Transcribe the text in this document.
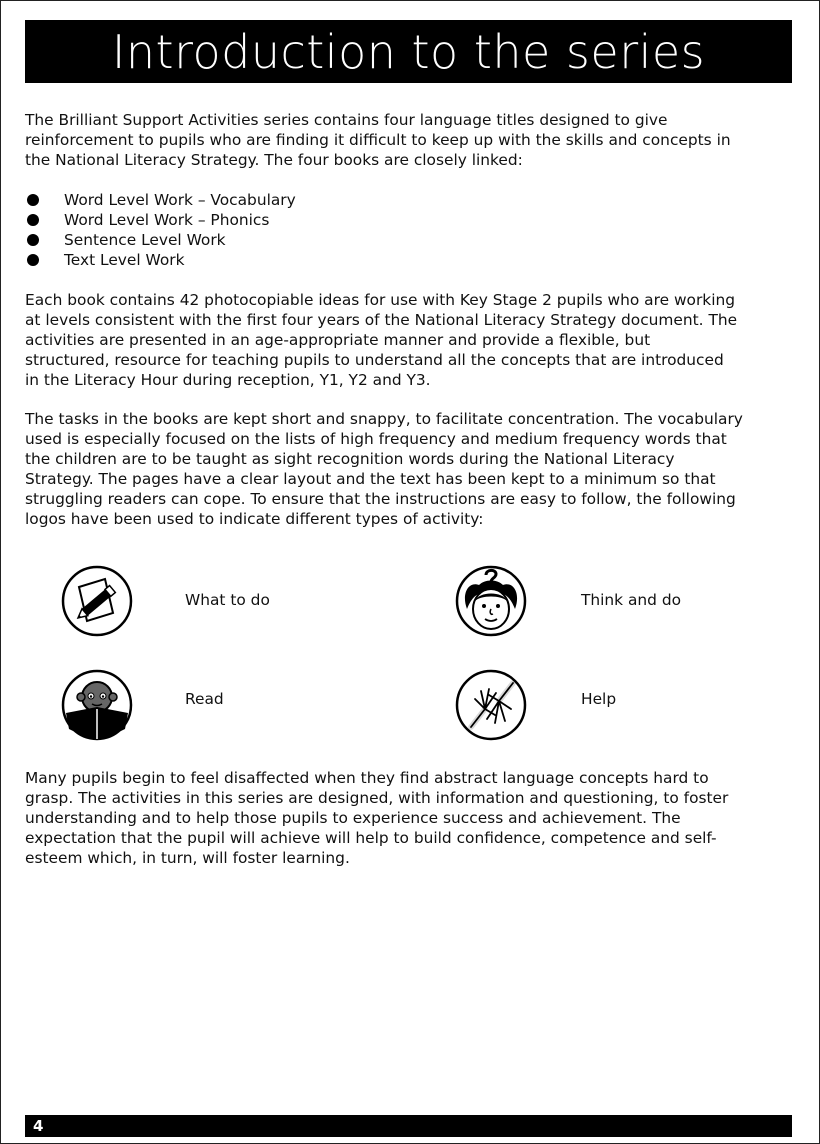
Introduction to the series

The Brilliant Support Activities series contains four language titles designed to give
reinforcement to pupils who are finding it difficult to keep up with the skills and concepts in
the National Literacy Strategy. The four books are closely linked:

Word Level Work – Vocabulary
Word Level Work – Phonics
Sentence Level Work
Text Level Work

Each book contains 42 photocopiable ideas for use with Key Stage 2 pupils who are working
at levels consistent with the first four years of the National Literacy Strategy document. The
activities are presented in an age-appropriate manner and provide a flexible, but
structured, resource for teaching pupils to understand all the concepts that are introduced
in the Literacy Hour during reception, Y1, Y2 and Y3.

The tasks in the books are kept short and snappy, to facilitate concentration. The vocabulary
used is especially focused on the lists of high frequency and medium frequency words that
the children are to be taught as sight recognition words during the National Literacy
Strategy. The pages have a clear layout and the text has been kept to a minimum so that
struggling readers can cope. To ensure that the instructions are easy to follow, the following
logos have been used to indicate different types of activity:

What to do	Think and do
Read	Help

Many pupils begin to feel disaffected when they find abstract language concepts hard to
grasp. The activities in this series are designed, with information and questioning, to foster
understanding and to help those pupils to experience success and achievement. The
expectation that the pupil will achieve will help to build confidence, competence and self-
esteem which, in turn, will foster learning.

4
